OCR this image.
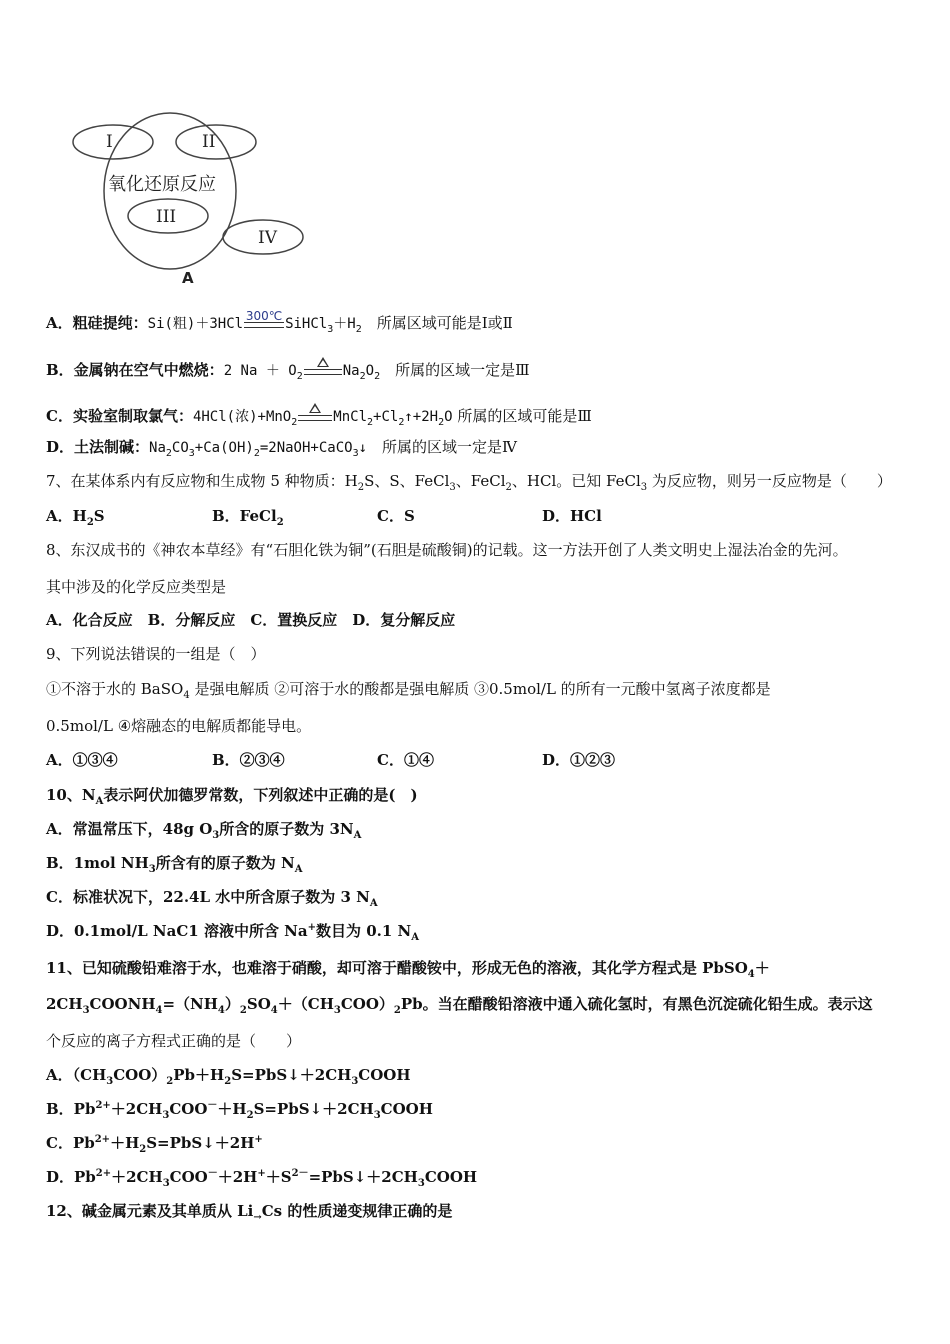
I	II
氧化还原反应
III
IV
A
A．粗硅提纯：Si(粗)＋3HCl 300℃ $SiHCl_3+H_2$　所属区域可能是Ⅰ或Ⅱ
B．金属钠在空气中燃烧：2 $Na + O_2$	$Na_2O_2$　所属的区域一定是Ⅲ
C．实验室制取氯气：4HCl(浓)+MnO$_2$	$MnCl_2+Cl_2↑+2H_2O$ 所属的区域可能是Ⅲ
D．土法制碱：$Na_2CO_3+Ca(OH)_2=2NaOH+CaCO_3↓$　所属的区域一定是Ⅳ
7、在某体系内有反应物和生成物 5 种物质：$H_2S$、S、FeCl$_3$、FeCl$_2$、HCl。已知 FeCl$_3$ 为反应物，则另一反应物是（　　）
A．$H_2S$	B．FeCl$_2$	C．S	D．HCl
8、东汉成书的《神农本草经》有“石胆化铁为铜”(石胆是硫酸铜)的记载。这一方法开创了人类文明史上湿法冶金的先河。
其中涉及的化学反应类型是
A．化合反应　B．分解反应　C．置换反应　D．复分解反应
9、下列说法错误的一组是（　）
①不溶于水的 BaSO$_4$ 是强电解质 ②可溶于水的酸都是强电解质 ③0.5mol/L 的所有一元酸中氢离子浓度都是
0.5mol/L ④熔融态的电解质都能导电。
A．①③④	B．②③④	C．①④	D．①②③
10、$N_A$表示阿伏加德罗常数，下列叙述中正确的是(　)
A．常温常压下，48g $O_3$所含的原子数为 $3N_A$
B．1mol $NH_3$所含有的原子数为 $N_A$
C．标准状况下，22.4L 水中所含原子数为 3 $N_A$
D．0.1mol/L NaC1 溶液中所含 Na+数目为 0.1 $N_A$
11、已知硫酸铅难溶于水，也难溶于硝酸，却可溶于醋酸铵中，形成无色的溶液，其化学方程式是 PbSO$_4$＋
$2CH_3COONH_4=(NH_4)_2SO_4+(CH_3COO)_2Pb$。当在醋酸铅溶液中通入硫化氢时，有黑色沉淀硫化铅生成。表示这
个反应的离子方程式正确的是（　　）
A．$(CH_3COO)_2Pb+H_2S=PbS↓+2CH_3COOH$
B．$Pb^{2+}+2CH_3COO^-+H_2S=PbS↓+2CH_3COOH$
C．$Pb^{2+}+H_2S=PbS↓+2H^+$
D．$Pb^{2+}+2CH_3COO^-+2H^++S^{2-}=PbS↓+2CH_3COOH$
12、碱金属元素及其单质从 $Li_\to Cs$ 的性质递变规律正确的是
